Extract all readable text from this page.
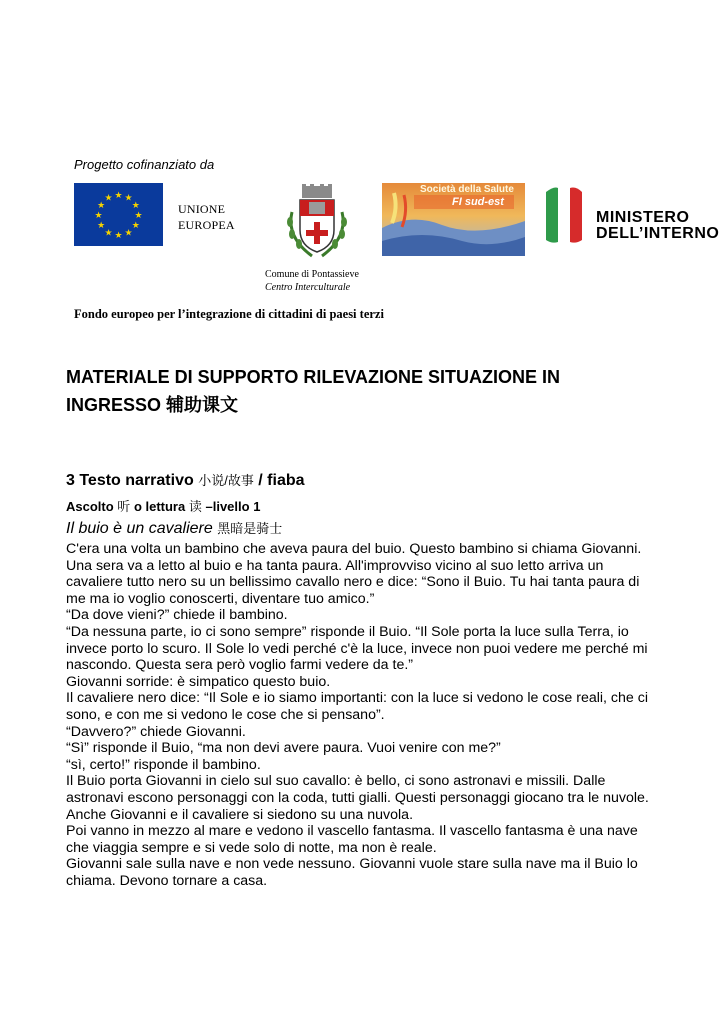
Progetto cofinanziato da
★ ★
★
★
★
★
★
★
★
★
★
★
UNIONE
EUROPEA
Comune di Pontassieve
Centro Interculturale
Società della Salute
FI sud-est
MINISTERO
DELL’INTERNO
Fondo europeo per l’integrazione di cittadini di paesi terzi
MATERIALE DI SUPPORTO RILEVAZIONE SITUAZIONE IN
INGRESSO 辅助课文
3 Testo narrativo 小说/故事 / fiaba
Ascolto 听 o lettura 读 –livello 1
Il buio è un cavaliere 黑暗是骑士
C'era una volta un bambino che aveva paura del buio. Questo bambino si chiama Giovanni.
Una sera va a letto al buio e ha tanta paura. All'improvviso vicino al suo letto arriva un
cavaliere tutto nero su un bellissimo cavallo nero e dice: “Sono il Buio. Tu hai tanta paura di
me ma io voglio conoscerti, diventare tuo amico.”
“Da dove vieni?” chiede il bambino.
“Da nessuna parte, io ci sono sempre” risponde il Buio. “Il Sole porta la luce sulla Terra, io
invece porto lo scuro. Il Sole lo vedi perché c'è la luce, invece non puoi vedere me perché mi
nascondo. Questa sera però voglio farmi vedere da te.”
Giovanni sorride: è simpatico questo buio.
Il cavaliere nero dice: “Il Sole e io siamo importanti: con la luce si vedono le cose reali, che ci
sono, e con me si vedono le cose che si pensano”.
“Davvero?” chiede Giovanni.
“Sì” risponde il Buio, “ma non devi avere paura. Vuoi venire con me?”
“sì, certo!” risponde il bambino.
Il Buio porta Giovanni in cielo sul suo cavallo: è bello, ci sono astronavi e missili. Dalle
astronavi escono personaggi con la coda, tutti gialli. Questi personaggi giocano tra le nuvole.
Anche Giovanni e il cavaliere si siedono su una nuvola.
Poi vanno in mezzo al mare e vedono il vascello fantasma. Il vascello fantasma è una nave
che viaggia sempre e si vede solo di notte, ma non è reale.
Giovanni sale sulla nave e non vede nessuno. Giovanni vuole stare sulla nave ma il Buio lo
chiama. Devono tornare a casa.
